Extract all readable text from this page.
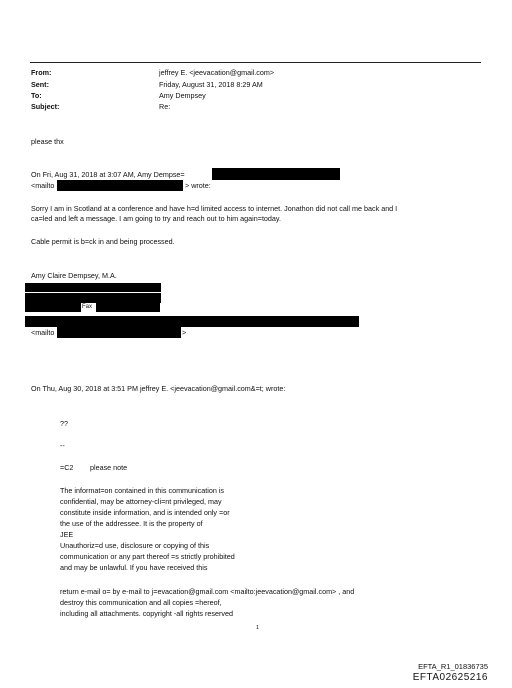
From:
Sent:
To:
Subject:
jeffrey E. <jeevacation@gmail.com>
Friday, August 31, 2018 8:29 AM
Amy Dempsey
Re:
please thx
On Fri, Aug 31, 2018 at 3:07 AM, Amy Dempse=
<mailto	> wrote:
Sorry I am in Scotland at a conference and have h=d limited access to internet. Jonathon did not call me back and I
ca=led and left a message. I am going to try and reach out to him again=today.
Cable permit is b=ck in and being processed.
Amy Claire Dempsey, M.A.
Fax
<mailto	>
On Thu, Aug 30, 2018 at 3:51 PM jeffrey E. <jeevacation@gmail.com&=t; wrote:
??
--
=C2 please note
The informat=on contained in this communication is
confidential, may be attorney-cli=nt privileged, may
constitute inside information, and is intended only =or
the use of the addressee. It is the property of
JEE
Unauthoriz=d use, disclosure or copying of this
communication or any part thereof =s strictly prohibited
and may be unlawful. If you have received this
return e-mail o= by e-mail to j=evacation@gmail.com <mailto:jeevacation@gmail.com> , and
destroy this communication and all copies =hereof,
including all attachments. copyright -all rights reserved
1
EFTA_R1_01836735
EFTA02625216
